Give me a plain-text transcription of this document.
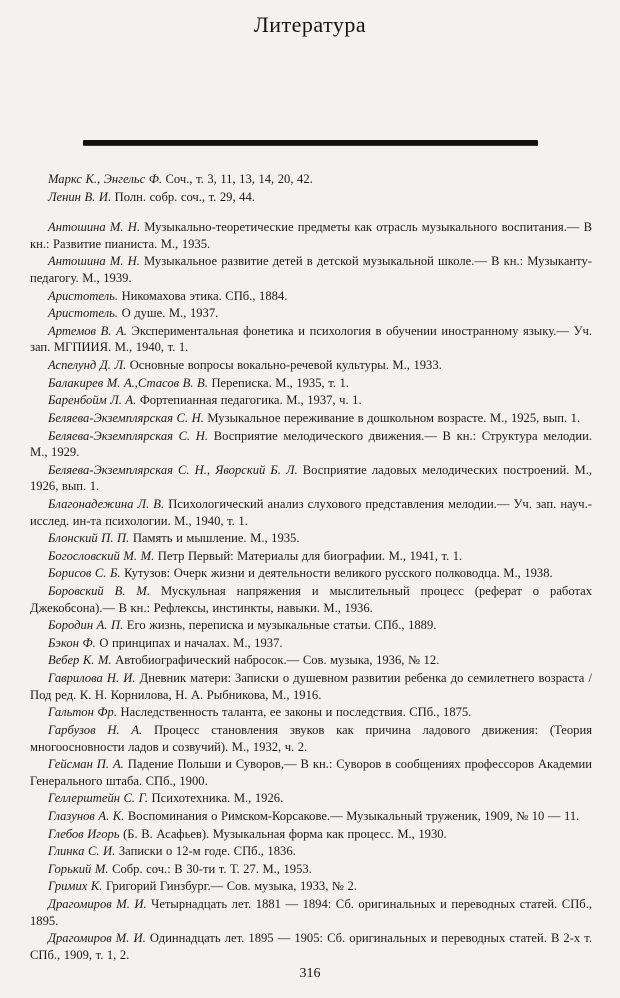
Литература

Маркс К., Энгельс Ф. Соч., т. 3, 11, 13, 14, 20, 42.

Ленин В. И. Полн. собр. соч., т. 29, 44.

Антошина М. Н. Музыкально-теоретические предметы как отрасль музыкального воспитания.— В кн.: Развитие пианиста. М., 1935.

Антошина М. Н. Музыкальное развитие детей в детской музыкальной школе.— В кн.: Музыканту-педагогу. М., 1939.

Аристотель. Никомахова этика. СПб., 1884.

Аристотель. О душе. М., 1937.

Артемов В. А. Экспериментальная фонетика и психология в обучении иностранному языку.— Уч. зап. МГПИИЯ. М., 1940, т. 1.

Аспелунд Д. Л. Основные вопросы вокально-речевой культуры. М., 1933.

Балакирев М. А.,Стасов В. В. Переписка. М., 1935, т. 1.

Баренбойм Л. А. Фортепианная педагогика. М., 1937, ч. 1.

Беляева-Экземплярская С. Н. Музыкальное переживание в дошкольном возрасте. М., 1925, вып. 1.

Беляева-Экземплярская С. Н. Восприятие мелодического движения.— В кн.: Структура мелодии. М., 1929.

Беляева-Экземплярская С. Н., Яворский Б. Л. Восприятие ладовых мелодических построений. М., 1926, вып. 1.

Благонадежина Л. В. Психологический анализ слухового представления мелодии.— Уч. зап. науч.-исслед. ин-та психологии. М., 1940, т. 1.

Блонский П. П. Память и мышление. М., 1935.

Богословский М. М. Петр Первый: Материалы для биографии. М., 1941, т. 1.

Борисов С. Б. Кутузов: Очерк жизни и деятельности великого русского полководца. М., 1938.

Боровский В. М. Мускульная напряжения и мыслительный процесс (реферат о работах Джекобсона).— В кн.: Рефлексы, инстинкты, навыки. М., 1936.

Бородин А. П. Его жизнь, переписка и музыкальные статьи. СПб., 1889.

Бэкон Ф. О принципах и началах. М., 1937.

Вебер К. М. Автобиографический набросок.— Сов. музыка, 1936, № 12.

Гаврилова Н. И. Дневник матери: Записки о душевном развитии ребенка до семилетнего возраста /Под ред. К. Н. Корнилова, Н. А. Рыбникова, М., 1916.

Гальтон Фр. Наследственность таланта, ее законы и последствия. СПб., 1875.

Гарбузов Н. А. Процесс становления звуков как причина ладового движения: (Теория многоосновности ладов и созвучий). М., 1932, ч. 2.

Гейсман П. А. Падение Польши и Суворов,— В кн.: Суворов в сообщениях профессоров Академии Генерального штаба. СПб., 1900.

Геллерштейн С. Г. Психотехника. М., 1926.

Глазунов А. К. Воспоминания о Римском-Корсакове.— Музыкальный труженик, 1909, № 10 — 11.

Глебов Игорь (Б. В. Асафьев). Музыкальная форма как процесс. М., 1930.

Глинка С. И. Записки о 12-м годе. СПб., 1836.

Горький М. Собр. соч.: В 30-ти т. Т. 27. М., 1953.

Гримих К. Григорий Гинзбург.— Сов. музыка, 1933, № 2.

Драгомиров М. И. Четырнадцать лет. 1881 — 1894: Сб. оригинальных и переводных статей. СПб., 1895.

Драгомиров М. И. Одиннадцать лет. 1895 — 1905: Сб. оригинальных и переводных статей. В 2-х т. СПб., 1909, т. 1, 2.

316
